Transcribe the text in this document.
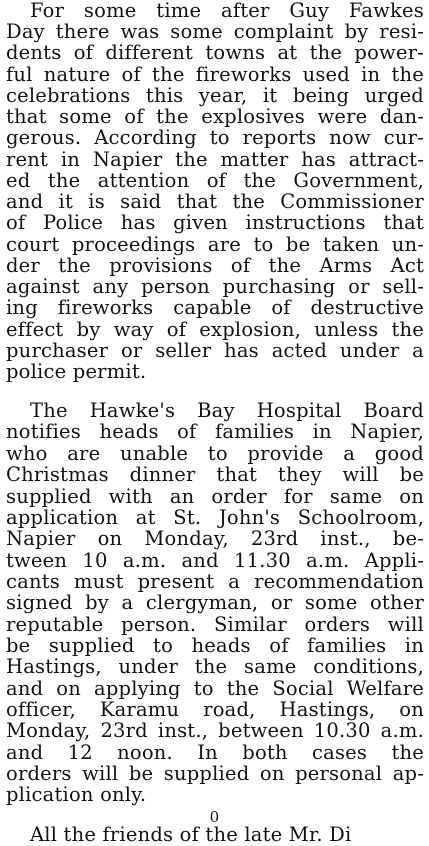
For some time after Guy Fawkes
Day there was some complaint by resi-
dents of different towns at the power-
ful nature of the fireworks used in the
celebrations this year, it being urged
that some of the explosives were dan-
gerous. According to reports now cur-
rent in Napier the matter has attract-
ed the attention of the Government,
and it is said that the Commissioner
of Police has given instructions that
court proceedings are to be taken un-
der the provisions of the Arms Act
against any person purchasing or sell-
ing fireworks capable of destructive
effect by way of explosion, unless the
purchaser or seller has acted under a
police permit.
The Hawke's Bay Hospital Board
notifies heads of families in Napier,
who are unable to provide a good
Christmas dinner that they will be
supplied with an order for same on
application at St. John's Schoolroom,
Napier on Monday, 23rd inst., be-
tween 10 a.m. and 11.30 a.m. Appli-
cants must present a recommendation
signed by a clergyman, or some other
reputable person. Similar orders will
be supplied to heads of families in
Hastings, under the same conditions,
and on applying to the Social Welfare
officer, Karamu road, Hastings, on
Monday, 23rd inst., between 10.30 a.m.
and 12 noon. In both cases the
orders will be supplied on personal ap-
plication only.
0
All the friends of the late Mr. Di
